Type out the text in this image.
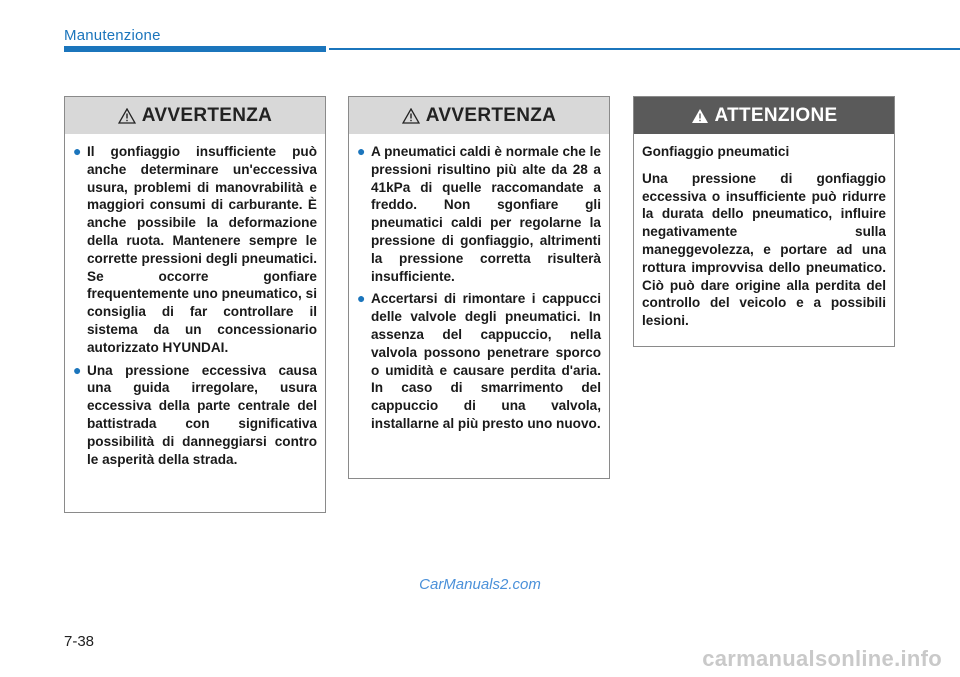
Manutenzione
AVVERTENZA
● Il gonfiaggio insufficiente può anche determinare un'eccessiva usura, problemi di manovrabilità e maggiori consumi di carburante. È anche possibile la deformazione della ruota. Mantenere sempre le corrette pressioni degli pneumatici. Se occorre gonfiare frequentemente uno pneumatico, si consiglia di far controllare il sistema da un concessionario autorizzato HYUNDAI.
● Una pressione eccessiva causa una guida irregolare, usura eccessiva della parte centrale del battistrada con significativa possibilità di danneggiarsi contro le asperità della strada.
AVVERTENZA
● A pneumatici caldi è normale che le pressioni risultino più alte da 28 a 41kPa di quelle raccomandate a freddo. Non sgonfiare gli pneumatici caldi per regolarne la pressione di gonfiaggio, altrimenti la pressione corretta risulterà insufficiente.
● Accertarsi di rimontare i cappucci delle valvole degli pneumatici. In assenza del cappuccio, nella valvola possono penetrare sporco o umidità e causare perdita d'aria. In caso di smarrimento del cappuccio di una valvola, installarne al più presto uno nuovo.
ATTENZIONE
Gonfiaggio pneumatici
Una pressione di gonfiaggio eccessiva o insufficiente può ridurre la durata dello pneumatico, influire negativamente sulla maneggevolezza, e portare ad una rottura improvvisa dello pneumatico. Ciò può dare origine alla perdita del controllo del veicolo e a possibili lesioni.
CarManuals2.com
7-38
carmanualsonline.info
